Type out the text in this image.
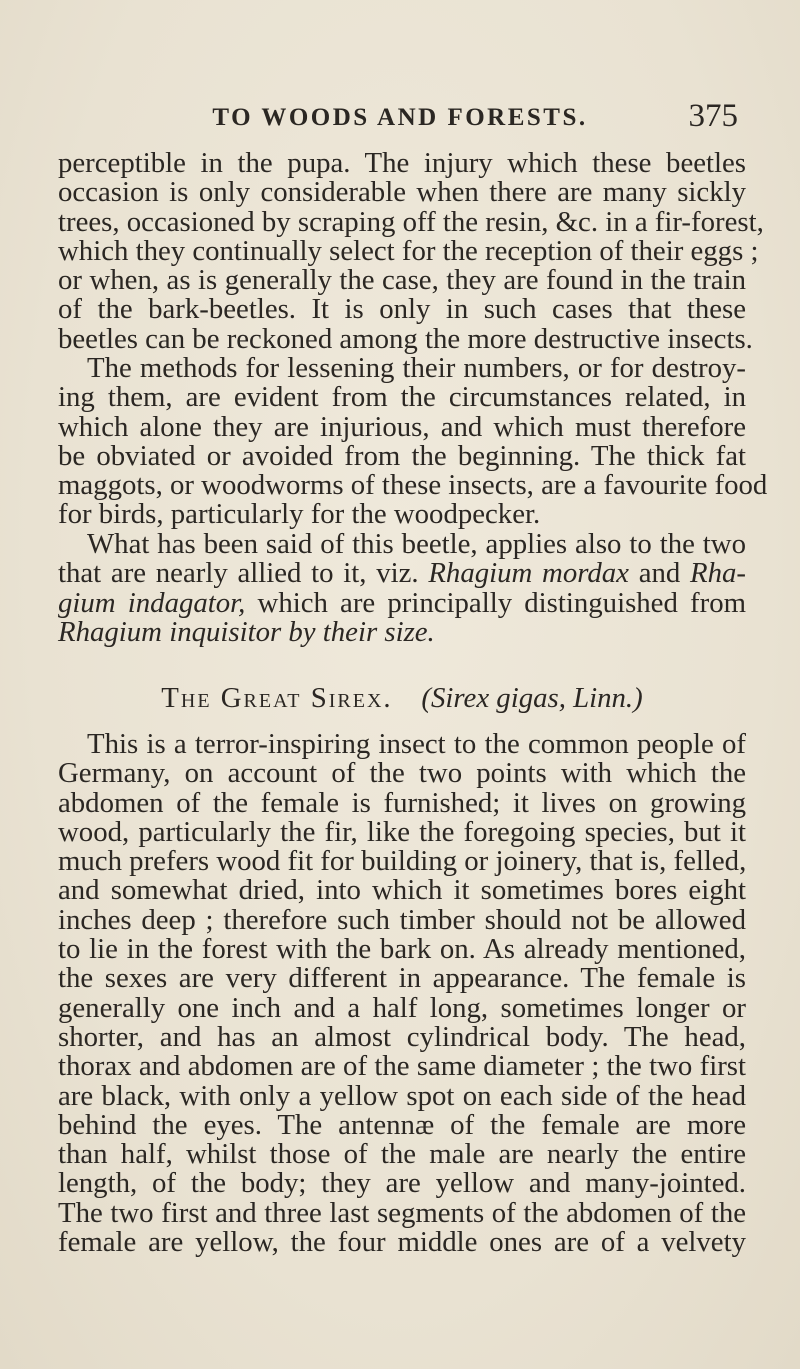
TO WOODS AND FORESTS.	375
perceptible in the pupa. The injury which these beetles
occasion is only considerable when there are many sickly
trees, occasioned by scraping off the resin, &c. in a fir-forest,
which they continually select for the reception of their eggs ;
or when, as is generally the case, they are found in the train
of the bark-beetles. It is only in such cases that these
beetles can be reckoned among the more destructive insects.
The methods for lessening their numbers, or for destroy-
ing them, are evident from the circumstances related, in
which alone they are injurious, and which must therefore
be obviated or avoided from the beginning. The thick fat
maggots, or woodworms of these insects, are a favourite food
for birds, particularly for the woodpecker.
What has been said of this beetle, applies also to the two
that are nearly allied to it, viz. Rhagium mordax and Rha-
gium indagator, which are principally distinguished from
Rhagium inquisitor by their size.
The Great Sirex. (Sirex gigas, Linn.)
This is a terror-inspiring insect to the common people of
Germany, on account of the two points with which the
abdomen of the female is furnished; it lives on growing
wood, particularly the fir, like the foregoing species, but it
much prefers wood fit for building or joinery, that is, felled,
and somewhat dried, into which it sometimes bores eight
inches deep ; therefore such timber should not be allowed
to lie in the forest with the bark on. As already mentioned,
the sexes are very different in appearance. The female is
generally one inch and a half long, sometimes longer or
shorter, and has an almost cylindrical body. The head,
thorax and abdomen are of the same diameter ; the two first
are black, with only a yellow spot on each side of the head
behind the eyes. The antennæ of the female are more
than half, whilst those of the male are nearly the entire
length, of the body; they are yellow and many-jointed.
The two first and three last segments of the abdomen of the
female are yellow, the four middle ones are of a velvety
